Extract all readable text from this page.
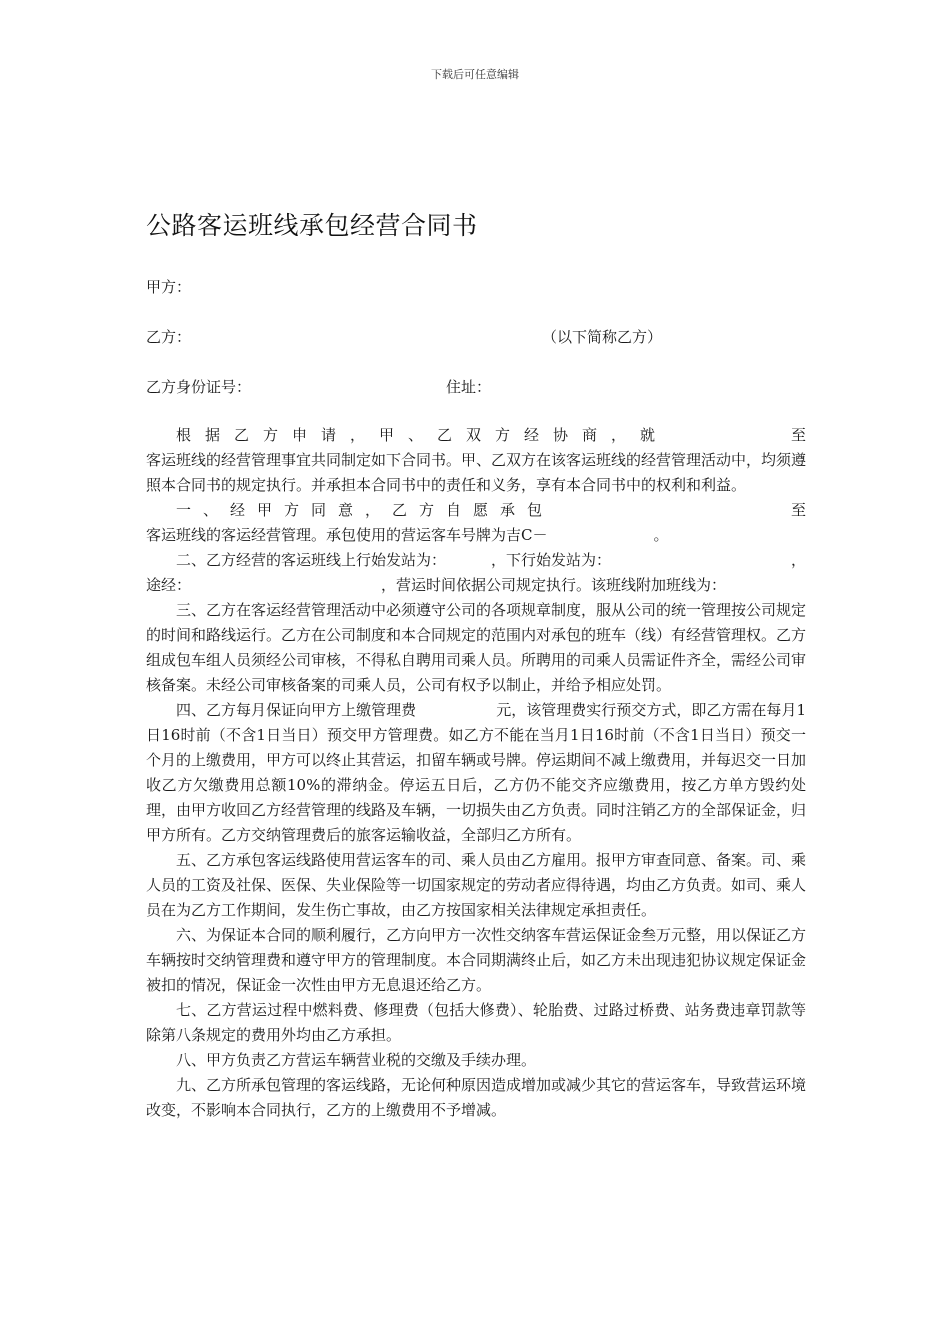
下载后可任意编辑
公路客运班线承包经营合同书
甲方：
乙方：	（以下简称乙方）
乙方身份证号：	住址：
根据乙方申请，甲、乙双方经协商，就	至

客运班线的经营管理事宜共同制定如下合同书。甲、乙双方在该客运班线的经营管理活动中，均须遵照本合同书的规定执行。并承担本合同书中的责任和义务，享有本合同书中的权利和利益。

一、经甲方同意，乙方自愿承包	至

客运班线的客运经营管理。承包使用的营运客车号牌为吉C－	。

二、乙方经营的客运班线上行始发站为：	，下行始发站为：	，

途经：	，营运时间依据公司规定执行。该班线附加班线为：

三、乙方在客运经营管理活动中必须遵守公司的各项规章制度，服从公司的统一管理按公司规定的时间和路线运行。乙方在公司制度和本合同规定的范围内对承包的班车（线）有经营管理权。乙方组成包车组人员须经公司审核，不得私自聘用司乘人员。所聘用的司乘人员需证件齐全，需经公司审核备案。未经公司审核备案的司乘人员，公司有权予以制止，并给予相应处罚。

四、乙方每月保证向甲方上缴管理费	元，该管理费实行预交方式，即乙方需在每月1日16时前（不含1日当日）预交甲方管理费。如乙方不能在当月1日16时前（不含1日当日）预交一个月的上缴费用，甲方可以终止其营运，扣留车辆或号牌。停运期间不减上缴费用，并每迟交一日加收乙方欠缴费用总额10%的滞纳金。停运五日后，乙方仍不能交齐应缴费用，按乙方单方毁约处理，由甲方收回乙方经营管理的线路及车辆，一切损失由乙方负责。同时注销乙方的全部保证金，归甲方所有。乙方交纳管理费后的旅客运输收益，全部归乙方所有。

五、乙方承包客运线路使用营运客车的司、乘人员由乙方雇用。报甲方审查同意、备案。司、乘人员的工资及社保、医保、失业保险等一切国家规定的劳动者应得待遇，均由乙方负责。如司、乘人员在为乙方工作期间，发生伤亡事故，由乙方按国家相关法律规定承担责任。

六、为保证本合同的顺利履行，乙方向甲方一次性交纳客车营运保证金叁万元整，用以保证乙方车辆按时交纳管理费和遵守甲方的管理制度。本合同期满终止后，如乙方未出现违犯协议规定保证金被扣的情况，保证金一次性由甲方无息退还给乙方。

七、乙方营运过程中燃料费、修理费（包括大修费）、轮胎费、过路过桥费、站务费违章罚款等除第八条规定的费用外均由乙方承担。

八、甲方负责乙方营运车辆营业税的交缴及手续办理。

九、乙方所承包管理的客运线路，无论何种原因造成增加或减少其它的营运客车，导致营运环境改变，不影响本合同执行，乙方的上缴费用不予增减。
